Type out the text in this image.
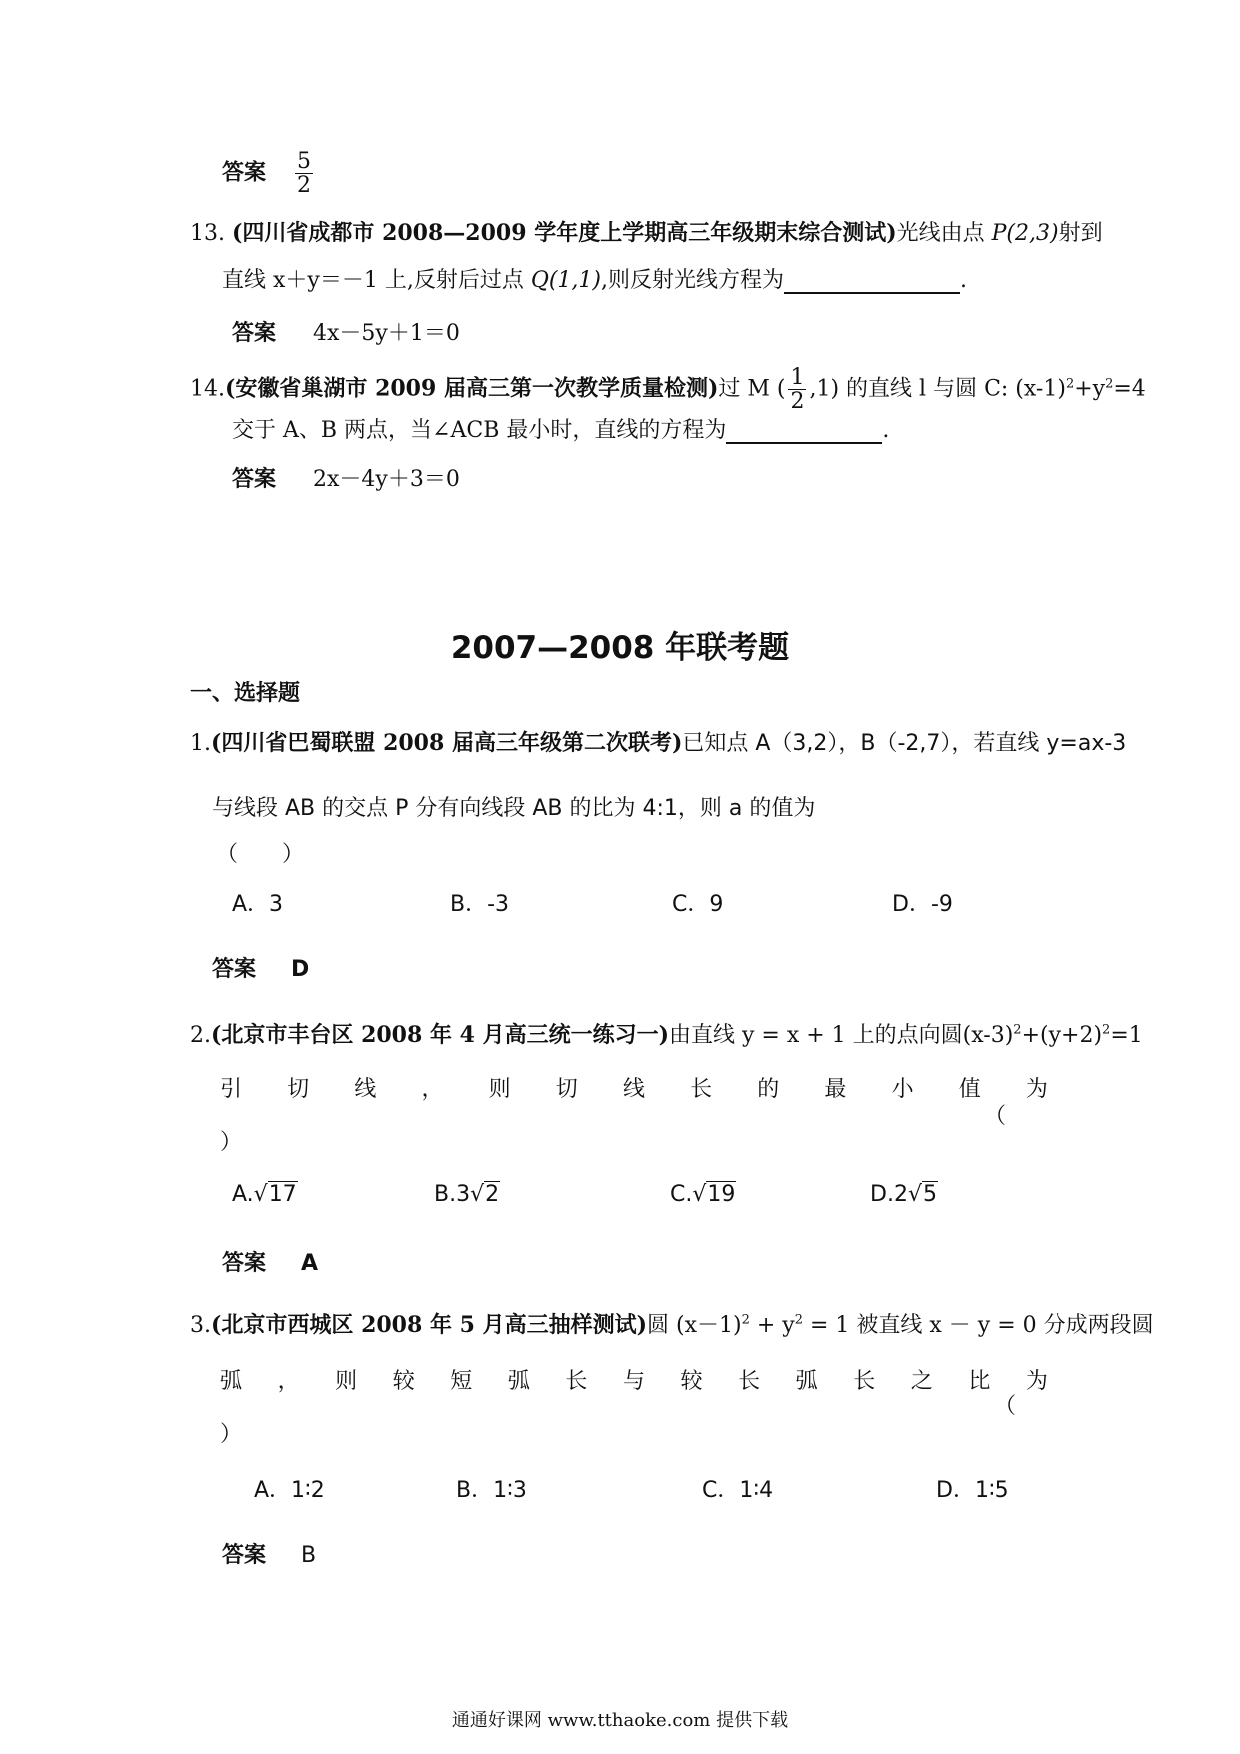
答案 $\frac{5}{2}$
13. (四川省成都市 2008—2009 学年度上学期高三年级期末综合测试)光线由点 P(2,3)射到
直线 x＋y＝－1 上,反射后过点 Q(1,1),则反射光线方程为	.
答案 4x－5y＋1＝0
14.(安徽省巢湖市 2009 届高三第一次教学质量检测)过 M ( $\frac{1}{2} ,1$) 的直线 l 与圆 C: $(x-1)^2+y^2=4$
交于 A、B 两点，当∠ACB 最小时，直线的方程为	.
答案 2x－4y＋3＝0
2007—2008 年联考题
一、选择题
1.(四川省巴蜀联盟 2008 届高三年级第二次联考)已知点 A（3,2），B（-2,7），若直线 y=ax-3
与线段 AB 的交点 P 分有向线段 AB 的比为 4:1，则 a 的值为
（　　）
A．3	B．-3	C．9	D．-9
答案 D
2.(北京市丰台区 2008 年 4 月高三统一练习一)由直线 y = x + 1 上的点向圆$(x-3)^2+(y+2)^2=1$
引 切 线 ， 则 切 线 长 的 最 小 值 为
（
）
A.√17	B.3√2	C.√19	D.2√5
答案 A
3.(北京市西城区 2008 年 5 月高三抽样测试)圆 $(x-1)^2 + y^2 = 1$ 被直线 x － y = 0 分成两段圆
弧 ， 则 较 短 弧 长 与 较 长 弧 长 之 比 为
（
）
A．1∶2	B．1∶3	C．1∶4	D．1∶5
答案 B
通通好课网 www.tthaoke.com 提供下载
